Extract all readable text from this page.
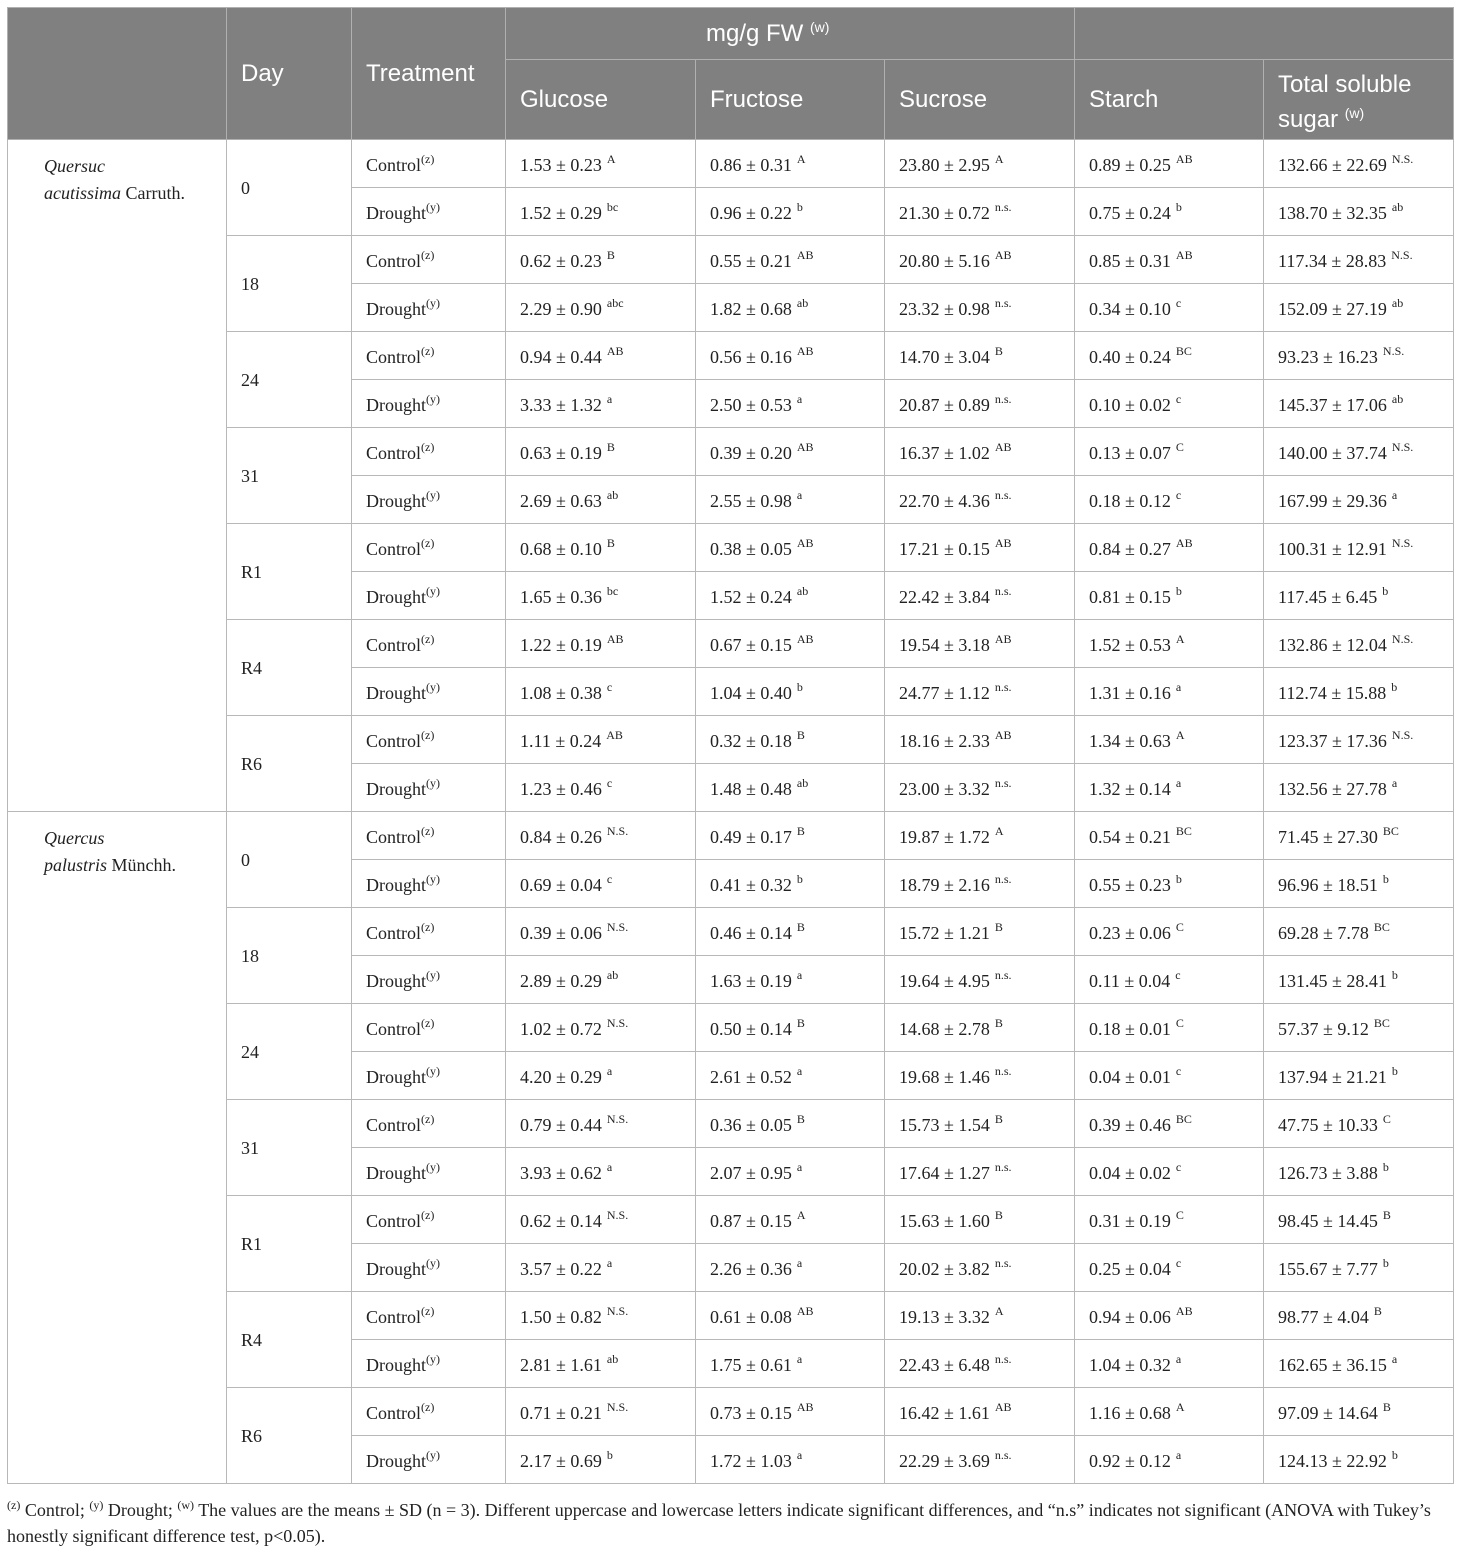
	Day	Treatment	mg/g FW $^{(w)}$	
			Glucose	Fructose	Sucrose	Starch	Total soluble sugar $^{(w)}$
Quersuc
acutissima Carruth.	0	Control$^{(z)}$	1.53 ± 0.23 $^A$	0.86 ± 0.31 $^A$	23.80 ± 2.95 $^A$	0.89 ± 0.25 $^{AB}$	132.66 ± 22.69 $^{N.S.}$
		Drought$^{(y)}$	1.52 ± 0.29 $^{bc}$	0.96 ± 0.22 $^b$	21.30 ± 0.72 $^{n.s.}$	0.75 ± 0.24 $^b$	138.70 ± 32.35 $^{ab}$
	18	Control$^{(z)}$	0.62 ± 0.23 $^B$	0.55 ± 0.21 $^{AB}$	20.80 ± 5.16 $^{AB}$	0.85 ± 0.31 $^{AB}$	117.34 ± 28.83 $^{N.S.}$
		Drought$^{(y)}$	2.29 ± 0.90 $^{abc}$	1.82 ± 0.68 $^{ab}$	23.32 ± 0.98 $^{n.s.}$	0.34 ± 0.10 $^c$	152.09 ± 27.19 $^{ab}$
	24	Control$^{(z)}$	0.94 ± 0.44 $^{AB}$	0.56 ± 0.16 $^{AB}$	14.70 ± 3.04 $^B$	0.40 ± 0.24 $^{BC}$	93.23 ± 16.23 $^{N.S.}$
		Drought$^{(y)}$	3.33 ± 1.32 $^a$	2.50 ± 0.53 $^a$	20.87 ± 0.89 $^{n.s.}$	0.10 ± 0.02 $^c$	145.37 ± 17.06 $^{ab}$
	31	Control$^{(z)}$	0.63 ± 0.19 $^B$	0.39 ± 0.20 $^{AB}$	16.37 ± 1.02 $^{AB}$	0.13 ± 0.07 $^C$	140.00 ± 37.74 $^{N.S.}$
		Drought$^{(y)}$	2.69 ± 0.63 $^{ab}$	2.55 ± 0.98 $^a$	22.70 ± 4.36 $^{n.s.}$	0.18 ± 0.12 $^c$	167.99 ± 29.36 $^a$
	R1	Control$^{(z)}$	0.68 ± 0.10 $^B$	0.38 ± 0.05 $^{AB}$	17.21 ± 0.15 $^{AB}$	0.84 ± 0.27 $^{AB}$	100.31 ± 12.91 $^{N.S.}$
		Drought$^{(y)}$	1.65 ± 0.36 $^{bc}$	1.52 ± 0.24 $^{ab}$	22.42 ± 3.84 $^{n.s.}$	0.81 ± 0.15 $^b$	117.45 ± 6.45 $^b$
	R4	Control$^{(z)}$	1.22 ± 0.19 $^{AB}$	0.67 ± 0.15 $^{AB}$	19.54 ± 3.18 $^{AB}$	1.52 ± 0.53 $^A$	132.86 ± 12.04 $^{N.S.}$
		Drought$^{(y)}$	1.08 ± 0.38 $^c$	1.04 ± 0.40 $^b$	24.77 ± 1.12 $^{n.s.}$	1.31 ± 0.16 $^a$	112.74 ± 15.88 $^b$
	R6	Control$^{(z)}$	1.11 ± 0.24 $^{AB}$	0.32 ± 0.18 $^B$	18.16 ± 2.33 $^{AB}$	1.34 ± 0.63 $^A$	123.37 ± 17.36 $^{N.S.}$
		Drought$^{(y)}$	1.23 ± 0.46 $^c$	1.48 ± 0.48 $^{ab}$	23.00 ± 3.32 $^{n.s.}$	1.32 ± 0.14 $^a$	132.56 ± 27.78 $^a$
Quercus
palustris Münchh.	0	Control$^{(z)}$	0.84 ± 0.26 $^{N.S.}$	0.49 ± 0.17 $^B$	19.87 ± 1.72 $^A$	0.54 ± 0.21 $^{BC}$	71.45 ± 27.30 $^{BC}$
		Drought$^{(y)}$	0.69 ± 0.04 $^c$	0.41 ± 0.32 $^b$	18.79 ± 2.16 $^{n.s.}$	0.55 ± 0.23 $^b$	96.96 ± 18.51 $^b$
	18	Control$^{(z)}$	0.39 ± 0.06 $^{N.S.}$	0.46 ± 0.14 $^B$	15.72 ± 1.21 $^B$	0.23 ± 0.06 $^C$	69.28 ± 7.78 $^{BC}$
		Drought$^{(y)}$	2.89 ± 0.29 $^{ab}$	1.63 ± 0.19 $^a$	19.64 ± 4.95 $^{n.s.}$	0.11 ± 0.04 $^c$	131.45 ± 28.41 $^b$
	24	Control$^{(z)}$	1.02 ± 0.72 $^{N.S.}$	0.50 ± 0.14 $^B$	14.68 ± 2.78 $^B$	0.18 ± 0.01 $^C$	57.37 ± 9.12 $^{BC}$
		Drought$^{(y)}$	4.20 ± 0.29 $^a$	2.61 ± 0.52 $^a$	19.68 ± 1.46 $^{n.s.}$	0.04 ± 0.01 $^c$	137.94 ± 21.21 $^b$
	31	Control$^{(z)}$	0.79 ± 0.44 $^{N.S.}$	0.36 ± 0.05 $^B$	15.73 ± 1.54 $^B$	0.39 ± 0.46 $^{BC}$	47.75 ± 10.33 $^C$
		Drought$^{(y)}$	3.93 ± 0.62 $^a$	2.07 ± 0.95 $^a$	17.64 ± 1.27 $^{n.s.}$	0.04 ± 0.02 $^c$	126.73 ± 3.88 $^b$
	R1	Control$^{(z)}$	0.62 ± 0.14 $^{N.S.}$	0.87 ± 0.15 $^A$	15.63 ± 1.60 $^B$	0.31 ± 0.19 $^C$	98.45 ± 14.45 $^B$
		Drought$^{(y)}$	3.57 ± 0.22 $^a$	2.26 ± 0.36 $^a$	20.02 ± 3.82 $^{n.s.}$	0.25 ± 0.04 $^c$	155.67 ± 7.77 $^b$
	R4	Control$^{(z)}$	1.50 ± 0.82 $^{N.S.}$	0.61 ± 0.08 $^{AB}$	19.13 ± 3.32 $^A$	0.94 ± 0.06 $^{AB}$	98.77 ± 4.04 $^B$
		Drought$^{(y)}$	2.81 ± 1.61 $^{ab}$	1.75 ± 0.61 $^a$	22.43 ± 6.48 $^{n.s.}$	1.04 ± 0.32 $^a$	162.65 ± 36.15 $^a$
	R6	Control$^{(z)}$	0.71 ± 0.21 $^{N.S.}$	0.73 ± 0.15 $^{AB}$	16.42 ± 1.61 $^{AB}$	1.16 ± 0.68 $^A$	97.09 ± 14.64 $^B$
		Drought$^{(y)}$	2.17 ± 0.69 $^b$	1.72 ± 1.03 $^a$	22.29 ± 3.69 $^{n.s.}$	0.92 ± 0.12 $^a$	124.13 ± 22.92 $^b$
$^{(z)}$ Control; $^{(y)}$ Drought; $^{(w)}$ The values are the means ± SD (n = 3). Different uppercase and lowercase letters indicate significant differences, and “n.s” indicates not significant (ANOVA with Tukey’s honestly significant difference test, p<0.05).
